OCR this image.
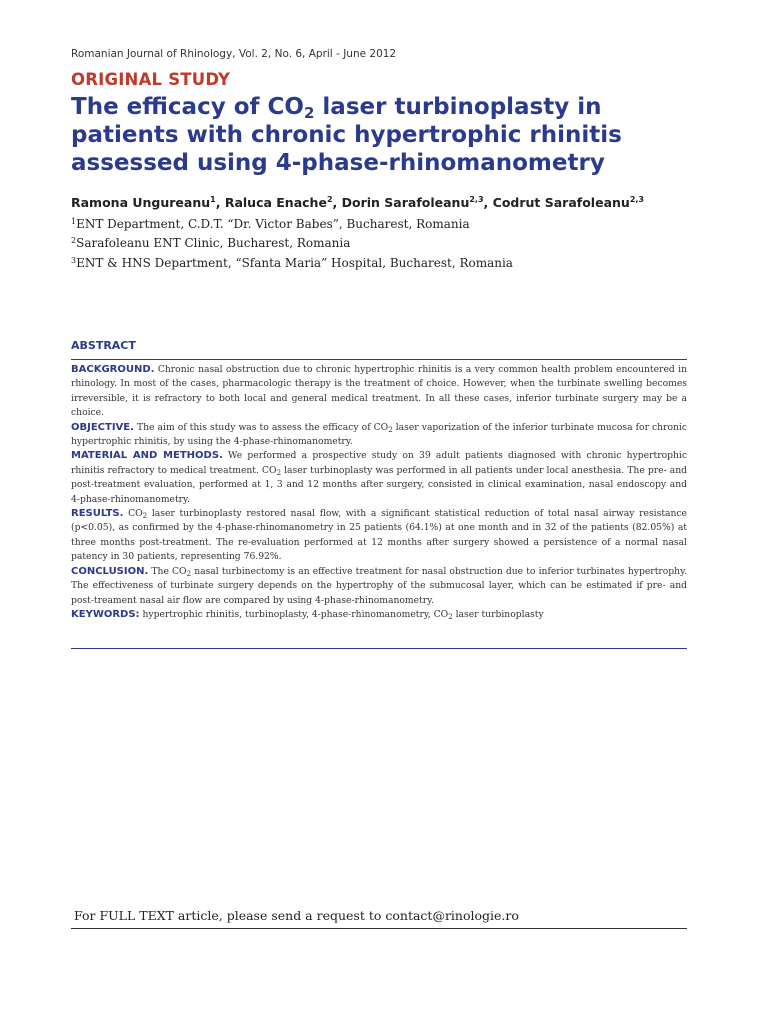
Romanian Journal of Rhinology, Vol. 2, No. 6, April - June 2012
ORIGINAL STUDY
The efficacy of $CO_2$ laser turbinoplasty in patients with chronic hypertrophic rhinitis assessed using 4-phase-rhinomanometry
Ramona Ungureanu$^1$, Raluca Enache$^2$, Dorin Sarafoleanu$^{2,3}$, Codrut Sarafoleanu$^{2,3}$
$^1$ENT Department, C.D.T. “Dr. Victor Babes”, Bucharest, Romania
$^2$Sarafoleanu ENT Clinic, Bucharest, Romania
$^3$ENT & HNS Department, “Sfanta Maria” Hospital, Bucharest, Romania
ABSTRACT

BACKGROUND. Chronic nasal obstruction due to chronic hypertrophic rhinitis is a very common health problem encountered in rhinology. In most of the cases, pharmacologic therapy is the treatment of choice. However, when the turbinate swelling becomes irreversible, it is refractory to both local and general medical treatment. In all these cases, inferior turbinate surgery may be a choice.

OBJECTIVE. The aim of this study was to assess the efficacy of $CO_2$ laser vaporization of the inferior turbinate mucosa for chronic hypertrophic rhinitis, by using the 4-phase-rhinomanometry.

MATERIAL AND METHODS. We performed a prospective study on 39 adult patients diagnosed with chronic hypertrophic rhinitis refractory to medical treatment. $CO_2$ laser turbinoplasty was performed in all patients under local anesthesia. The pre- and post-treatment evaluation, performed at 1, 3 and 12 months after surgery, consisted in clinical examination, nasal endoscopy and 4-phase-rhinomanometry.

RESULTS. $CO_2$ laser turbinoplasty restored nasal flow, with a significant statistical reduction of total nasal airway resistance (p<0.05), as confirmed by the 4-phase-rhinomanometry in 25 patients (64.1%) at one month and in 32 of the patients (82.05%) at three months post-treatment. The re-evaluation performed at 12 months after surgery showed a persistence of a normal nasal patency in 30 patients, representing 76.92%.

CONCLUSION. The $CO_2$ nasal turbinectomy is an effective treatment for nasal obstruction due to inferior turbinates hypertrophy. The effectiveness of turbinate surgery depends on the hypertrophy of the submucosal layer, which can be estimated if pre- and post-treament nasal air flow are compared by using 4-phase-rhinomanometry.

KEYWORDS: hypertrophic rhinitis, turbinoplasty, 4-phase-rhinomanometry, $CO_2$ laser turbinoplasty

For FULL TEXT article, please send a request to contact@rinologie.ro
